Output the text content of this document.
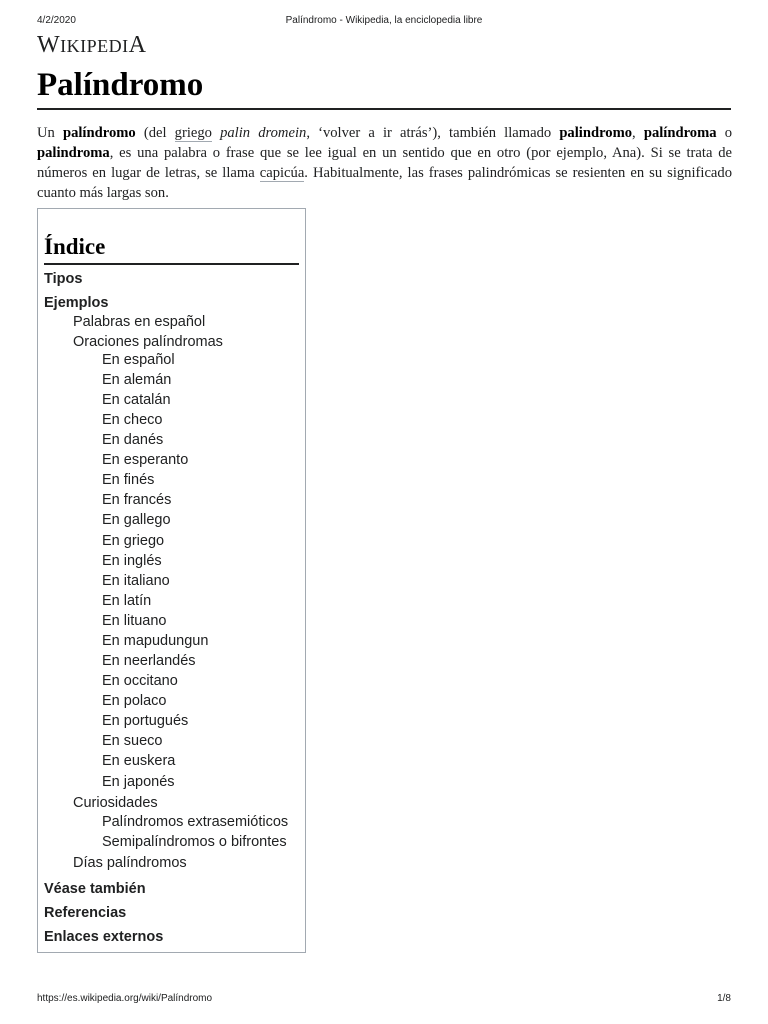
4/2/2020	Palíndromo - Wikipedia, la enciclopedia libre
WIKIPEDIA
Palíndromo

Un palíndromo (del griego palin dromein, ‘volver a ir atrás’), también llamado palindromo, palíndroma o palindroma, es una palabra o frase que se lee igual en un sentido que en otro (por ejemplo, Ana). Si se trata de números en lugar de letras, se llama capicúa. Habitualmente, las frases palindrómicas se resienten en su significado cuanto más largas son.

Índice
Tipos
Ejemplos
Palabras en español
Oraciones palíndromas
En español
En alemán
En catalán
En checo
En danés
En esperanto
En finés
En francés
En gallego
En griego
En inglés
En italiano
En latín
En lituano
En mapudungun
En neerlandés
En occitano
En polaco
En portugués
En sueco
En euskera
En japonés
Curiosidades
Palíndromos extrasemióticos
Semipalíndromos o bifrontes
Días palíndromos
Véase también
Referencias
Enlaces externos
https://es.wikipedia.org/wiki/Palíndromo	1/8
